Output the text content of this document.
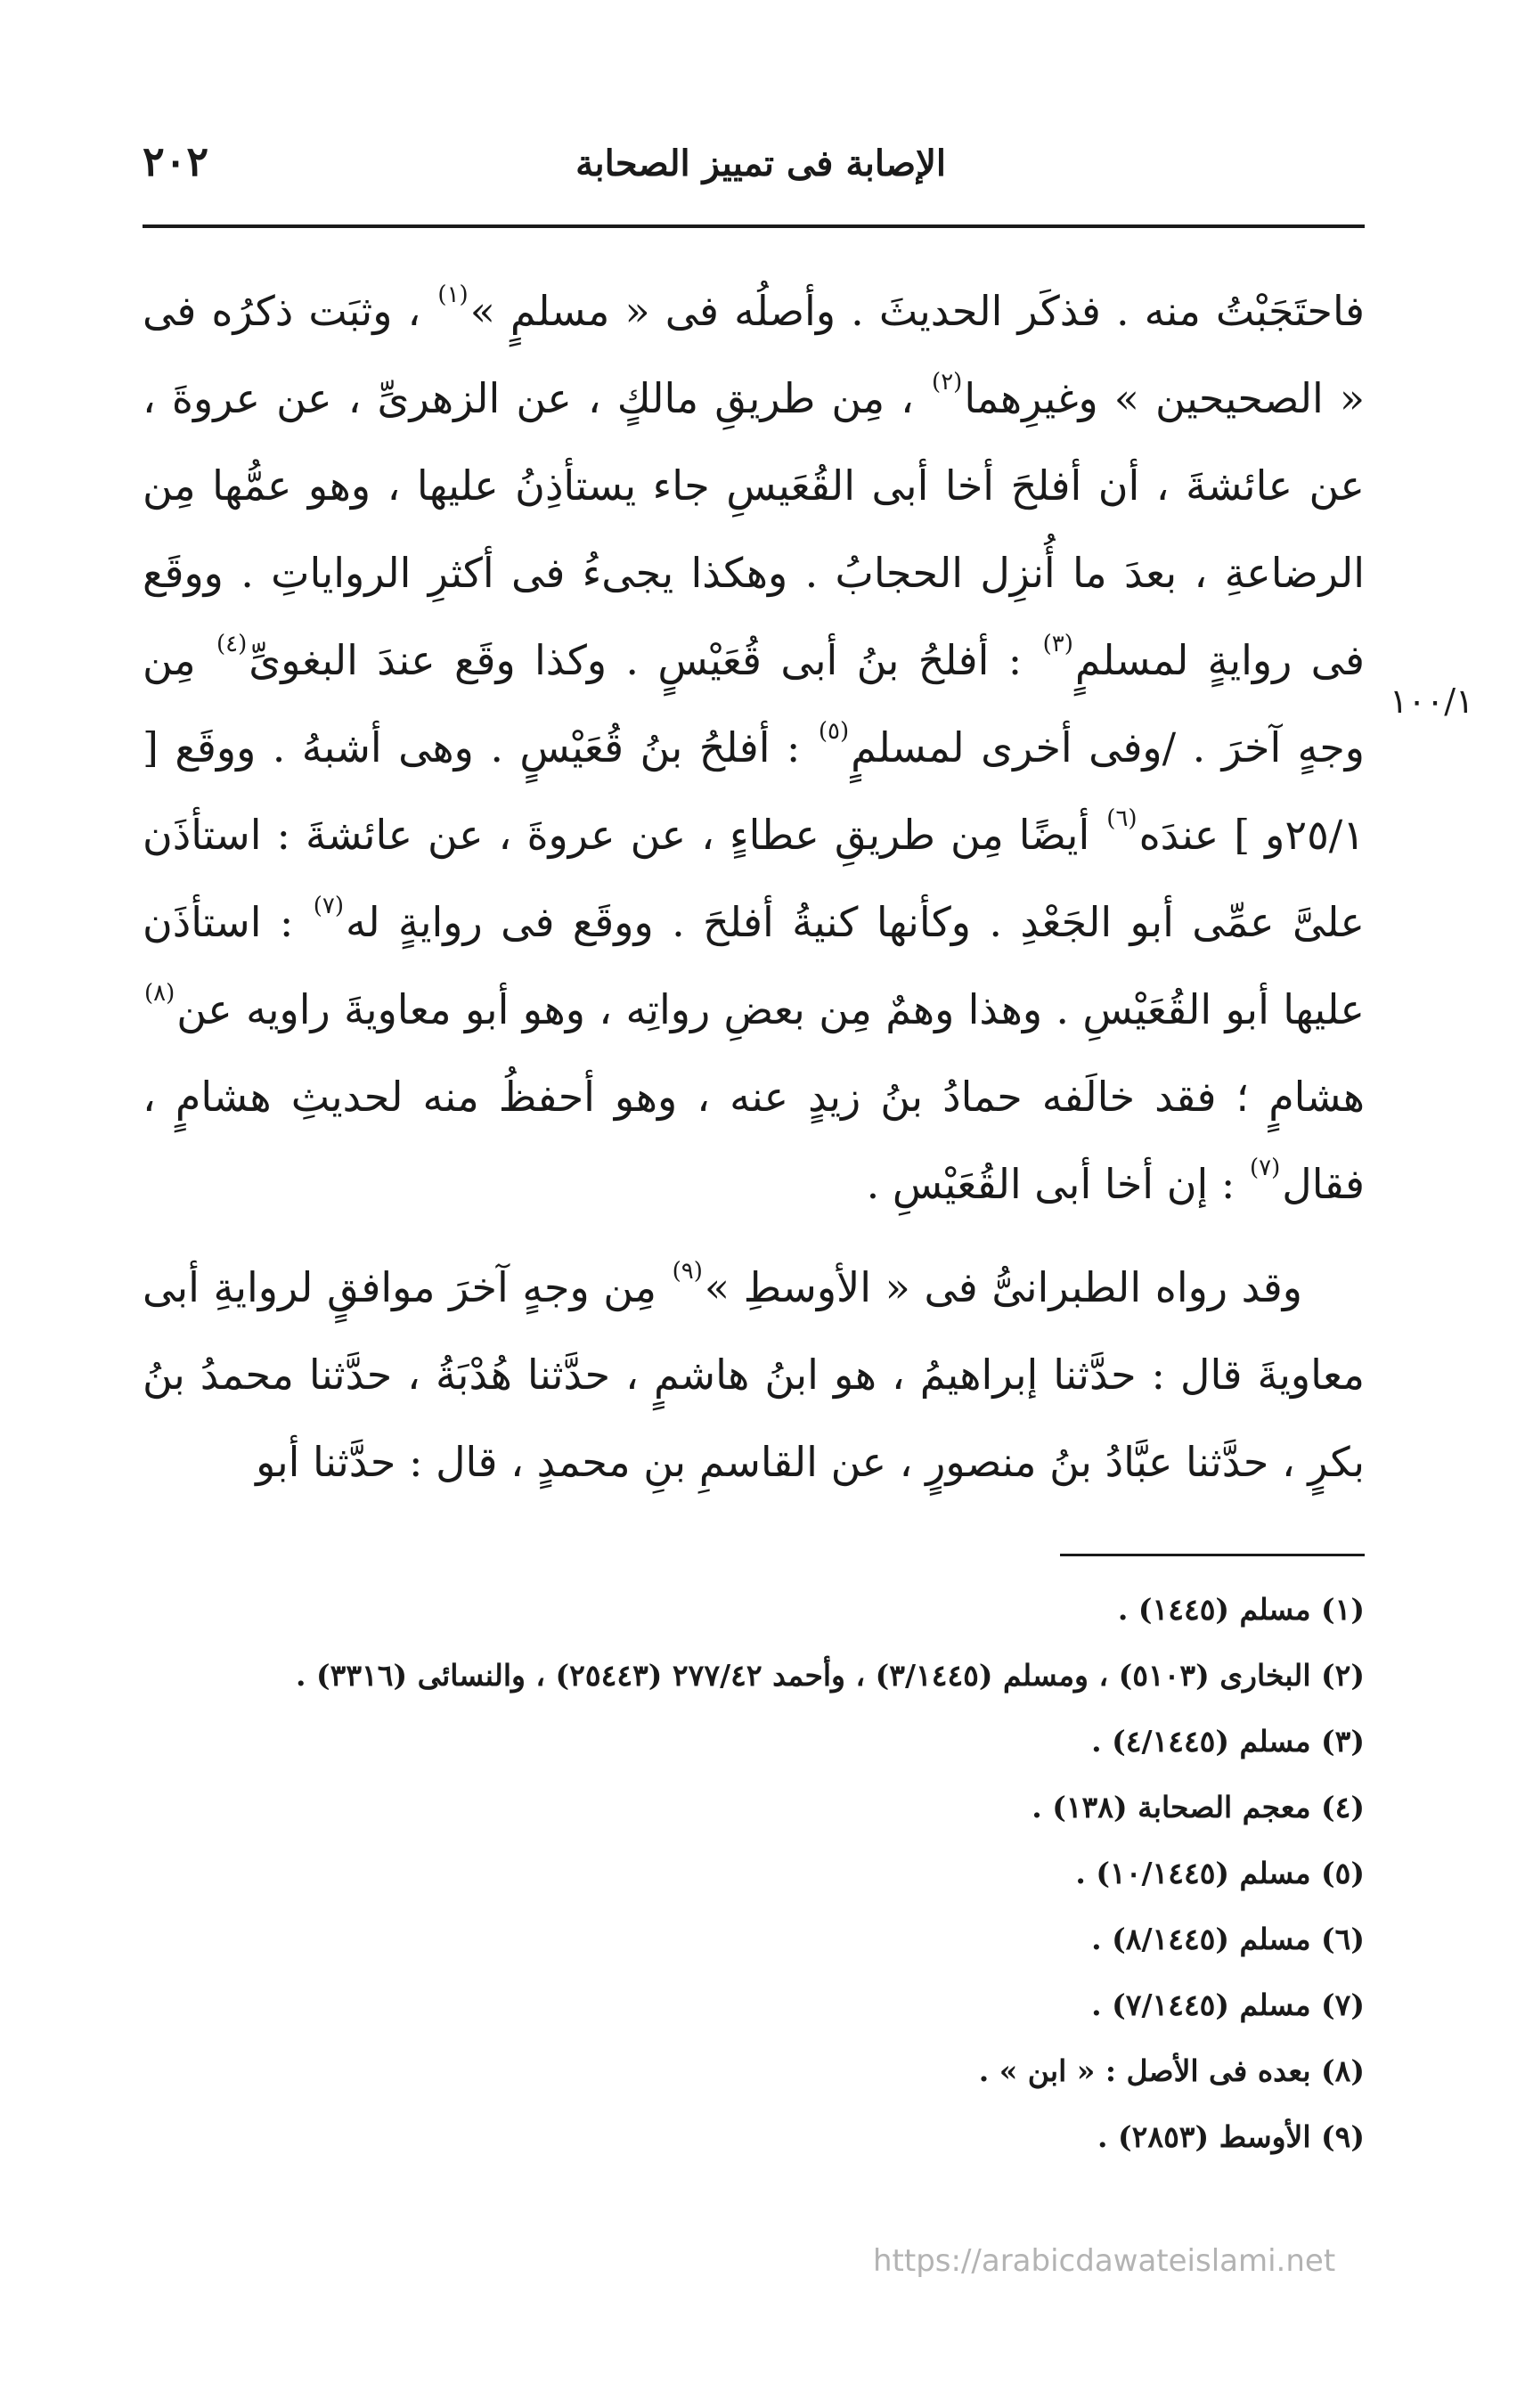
الإصابة فى تمييز الصحابة
٢٠٢
١٠٠/١

فاحتَجَبْتُ منه . فذكَر الحديثَ . وأصلُه فى « مسلمٍ »$^{(١)}$ ، وثبَت ذكرُه فى « الصحيحين » وغيرِهما$^{(٢)}$ ، مِن طريقِ مالكٍ ، عن الزهرىِّ ، عن عروةَ ، عن عائشةَ ، أن أفلحَ أخا أبى القُعَيسِ جاء يستأذِنُ عليها ، وهو عمُّها مِن الرضاعةِ ، بعدَ ما أُنزِل الحجابُ . وهكذا يجىءُ فى أكثرِ الرواياتِ . ووقَع فى روايةٍ لمسلمٍ$^{(٣)}$ : أفلحُ بنُ أبى قُعَيْسٍ . وكذا وقَع عندَ البغوىِّ$^{(٤)}$ مِن وجهٍ آخرَ . /وفى أخرى لمسلمٍ$^{(٥)}$ : أفلحُ بنُ قُعَيْسٍ . وهى أشبهُ . ووقَع [ ٢٥/١و ] عندَه$^{(٦)}$ أيضًا مِن طريقِ عطاءٍ ، عن عروةَ ، عن عائشةَ : استأذَن علىَّ عمِّى أبو الجَعْدِ . وكأنها كنيةُ أفلحَ . ووقَع فى روايةٍ له$^{(٧)}$ : استأذَن عليها أبو القُعَيْسِ . وهذا وهمٌ مِن بعضِ رواتِه ، وهو أبو معاويةَ راويه عن$^{(٨)}$ هشامٍ ؛ فقد خالَفه حمادُ بنُ زيدٍ عنه ، وهو أحفظُ منه لحديثِ هشامٍ ، فقال$^{(٧)}$ : إن أخا أبى القُعَيْسِ .

وقد رواه الطبرانىُّ فى « الأوسطِ »$^{(٩)}$ مِن وجهٍ آخرَ موافقٍ لروايةِ أبى معاويةَ قال : حدَّثنا إبراهيمُ ، هو ابنُ هاشمٍ ، حدَّثنا هُدْبَةُ ، حدَّثنا محمدُ بنُ بكرٍ ، حدَّثنا عبَّادُ بنُ منصورٍ ، عن القاسمِ بنِ محمدٍ ، قال : حدَّثنا أبو

(١) مسلم (١٤٤٥) .
(٢) البخارى (٥١٠٣) ، ومسلم (٣/١٤٤٥) ، وأحمد ٢٧٧/٤٢ (٢٥٤٤٣) ، والنسائى (٣٣١٦) .
(٣) مسلم (٤/١٤٤٥) .
(٤) معجم الصحابة (١٣٨) .
(٥) مسلم (١٠/١٤٤٥) .
(٦) مسلم (٨/١٤٤٥) .
(٧) مسلم (٧/١٤٤٥) .
(٨) بعده فى الأصل : « ابن » .
(٩) الأوسط (٢٨٥٣) .
https://arabicdawateislami.net
